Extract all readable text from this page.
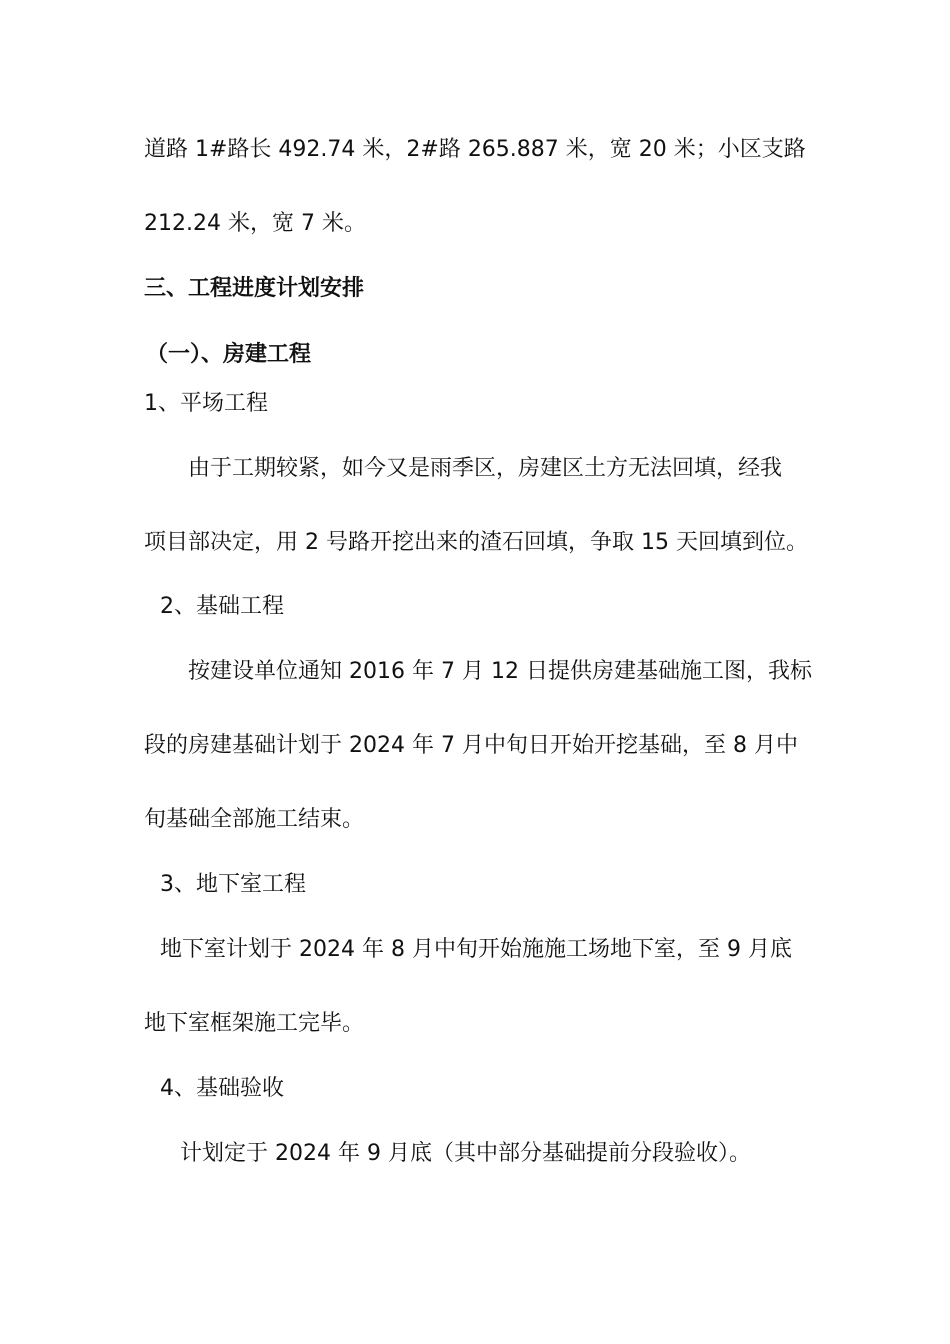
道路 1#路长 492.74 米，2#路 265.887 米，宽 20 米；小区支路

212.24 米，宽 7 米。

三、工程进度计划安排

（一）、房建工程

1、平场工程

由于工期较紧，如今又是雨季区，房建区土方无法回填，经我

项目部决定，用 2 号路开挖出来的渣石回填，争取 15 天回填到位。

2、基础工程

按建设单位通知 2016 年 7 月 12 日提供房建基础施工图，我标

段的房建基础计划于 2024 年 7 月中旬日开始开挖基础，至 8 月中

旬基础全部施工结束。

3、地下室工程

地下室计划于 2024 年 8 月中旬开始施施工场地下室，至 9 月底

地下室框架施工完毕。

4、基础验收

计划定于 2024 年 9 月底（其中部分基础提前分段验收）。
